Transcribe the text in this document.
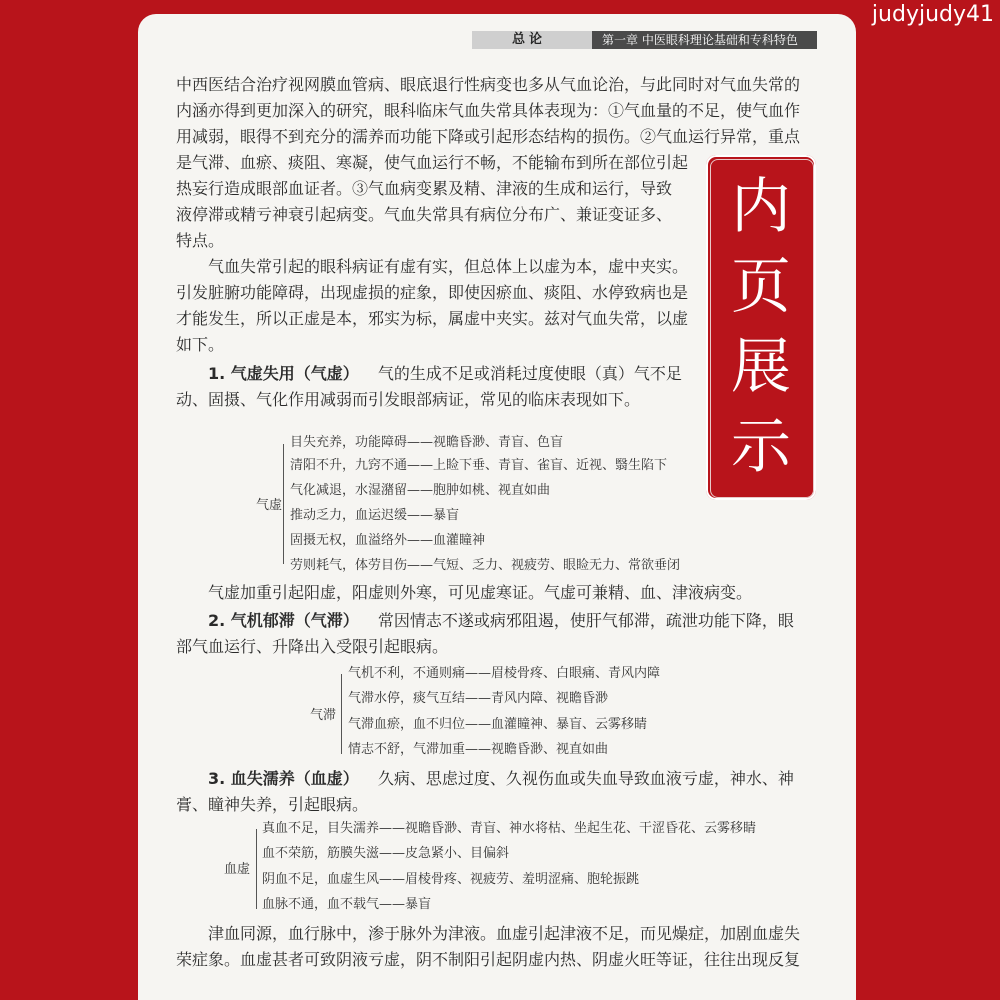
总论	第一章 中医眼科理论基础和专科特色
中西医结合治疗视网膜血管病、眼底退行性病变也多从气血论治，与此同时对气血失常的
内涵亦得到更加深入的研究，眼科临床气血失常具体表现为：①气血量的不足，使气血作
用减弱，眼得不到充分的濡养而功能下降或引起形态结构的损伤。②气血运行异常，重点
是气滞、血瘀、痰阻、寒凝，使气血运行不畅，不能输布到所在部位引起
热妄行造成眼部血证者。③气血病变累及精、津液的生成和运行，导致
液停滞或精亏神衰引起病变。气血失常具有病位分布广、兼证变证多、
特点。
　　气血失常引起的眼科病证有虚有实，但总体上以虚为本，虚中夹实。
引发脏腑功能障碍，出现虚损的症象，即使因瘀血、痰阻、水停致病也是
才能发生，所以正虚是本，邪实为标，属虚中夹实。兹对气血失常，以虚
如下。
1. 气虚失用（气虚） 气的生成不足或消耗过度使眼（真）气不足
动、固摄、气化作用减弱而引发眼部病证，常见的临床表现如下。
气虚
目失充养，功能障碍——视瞻昏渺、青盲、色盲
清阳不升，九窍不通——上睑下垂、青盲、雀盲、近视、翳生陷下
气化减退，水湿潴留——胞肿如桃、视直如曲
推动乏力，血运迟缓——暴盲
固摄无权，血溢络外——血灌瞳神
劳则耗气，体劳目伤——气短、乏力、视疲劳、眼睑无力、常欲垂闭
　　气虚加重引起阳虚，阳虚则外寒，可见虚寒证。气虚可兼精、血、津液病变。
2. 气机郁滞（气滞） 常因情志不遂或病邪阻遏，使肝气郁滞，疏泄功能下降，眼
部气血运行、升降出入受限引起眼病。
气滞
气机不利，不通则痛——眉棱骨疼、白眼痛、青风内障
气滞水停，痰气互结——青风内障、视瞻昏渺
气滞血瘀，血不归位——血灌瞳神、暴盲、云雾移睛
情志不舒，气滞加重——视瞻昏渺、视直如曲
3. 血失濡养（血虚） 久病、思虑过度、久视伤血或失血导致血液亏虚，神水、神
膏、瞳神失养，引起眼病。
血虚
真血不足，目失濡养——视瞻昏渺、青盲、神水将枯、坐起生花、干涩昏花、云雾移睛
血不荣筋，筋膜失滋——皮急紧小、目偏斜
阴血不足，血虚生风——眉棱骨疼、视疲劳、羞明涩痛、胞轮振跳
血脉不通，血不载气——暴盲
　　津血同源，血行脉中，渗于脉外为津液。血虚引起津液不足，而见燥症，加剧血虚失
荣症象。血虚甚者可致阴液亏虚，阴不制阳引起阴虚内热、阴虚火旺等证，往往出现反复
内
页
展
示
judyjudy41
